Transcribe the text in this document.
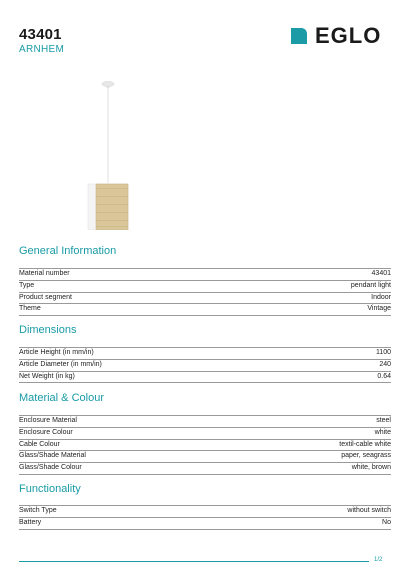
43401
ARNHEM
EGLO
General Information
Material number	43401
Type	pendant light
Product segment	Indoor
Theme	Vintage
Dimensions
Article Height (in mm/in)	1100
Article Diameter (in mm/in)	240
Net Weight (in kg)	0.64
Material & Colour
Enclosure Material	steel
Enclosure Colour	white
Cable Colour	textil-cable white
Glass/Shade Material	paper, seagrass
Glass/Shade Colour	white, brown
Functionality
Switch Type	without switch
Battery	No
1/2
